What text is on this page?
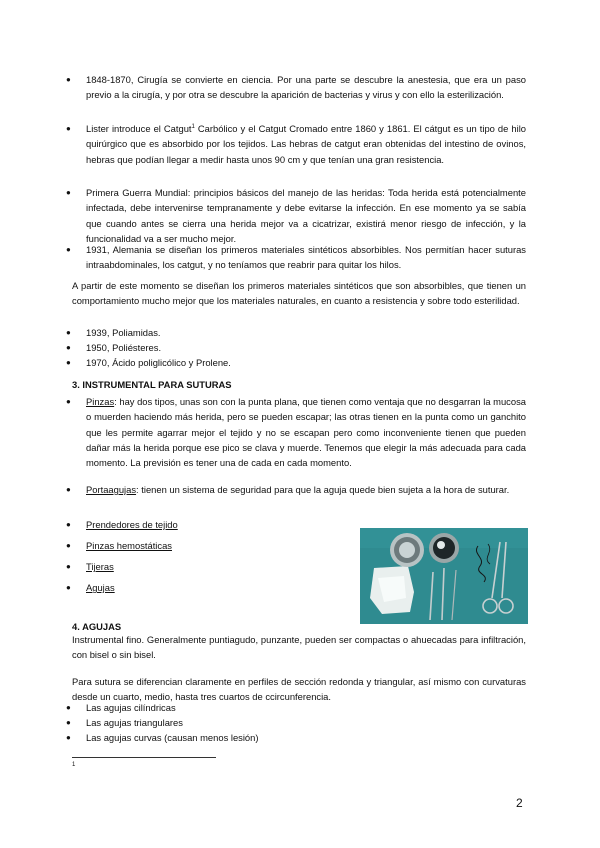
● 1848-1870, Cirugía se convierte en ciencia. Por una parte se descubre la anestesia, que era un paso previo a la cirugía, y por otra se descubre la aparición de bacterias y virus y con ello la esterilización.
● Lister introduce el Catgut$^1$ Carbólico y el Catgut Cromado entre 1860 y 1861. El cátgut es un tipo de hilo quirúrgico que es absorbido por los tejidos. Las hebras de catgut eran obtenidas del intestino de ovinos, hebras que podían llegar a medir hasta unos 90 cm y que tenían una gran resistencia.
● Primera Guerra Mundial: principios básicos del manejo de las heridas: Toda herida está potencialmente infectada, debe intervenirse tempranamente y debe evitarse la infección. En ese momento ya se sabía que cuando antes se cierra una herida mejor va a cicatrizar, existirá menor riesgo de infección, y la funcionalidad va a ser mucho mejor.
● 1931, Alemania se diseñan los primeros materiales sintéticos absorbibles. Nos permitían hacer suturas intraabdominales, los catgut, y no teníamos que reabrir para quitar los hilos.
A partir de este momento se diseñan los primeros materiales sintéticos que son absorbibles, que tienen un comportamiento mucho mejor que los materiales naturales, en cuanto a resistencia y sobre todo esterilidad.
● 1939, Poliamidas.
● 1950, Poliésteres.
● 1970, Ácido poliglicólico y Prolene.
3. INSTRUMENTAL PARA SUTURAS
● Pinzas: hay dos tipos, unas son con la punta plana, que tienen como ventaja que no desgarran la mucosa o muerden haciendo más herida, pero se pueden escapar; las otras tienen en la punta como un ganchito que les permite agarrar mejor el tejido y no se escapan pero como inconveniente tienen que pueden dañar más la herida porque ese pico se clava y muerde. Tenemos que elegir la más adecuada para cada momento. La previsión es tener una de cada en cada momento.
● Portaagujas: tienen un sistema de seguridad para que la aguja quede bien sujeta a la hora de suturar.
● Prendedores de tejido
● Pinzas hemostáticas
● Tijeras
● Agujas
4. AGUJAS
Instrumental fino. Generalmente puntiagudo, punzante, pueden ser compactas o ahuecadas para infiltración, con bisel o sin bisel.
Para sutura se diferencian claramente en perfiles de sección redonda y triangular, así mismo con curvaturas desde un cuarto, medio, hasta tres cuartos de ccircunferencia.
● Las agujas cilíndricas
● Las agujas triangulares
● Las agujas curvas (causan menos lesión)
1
2
